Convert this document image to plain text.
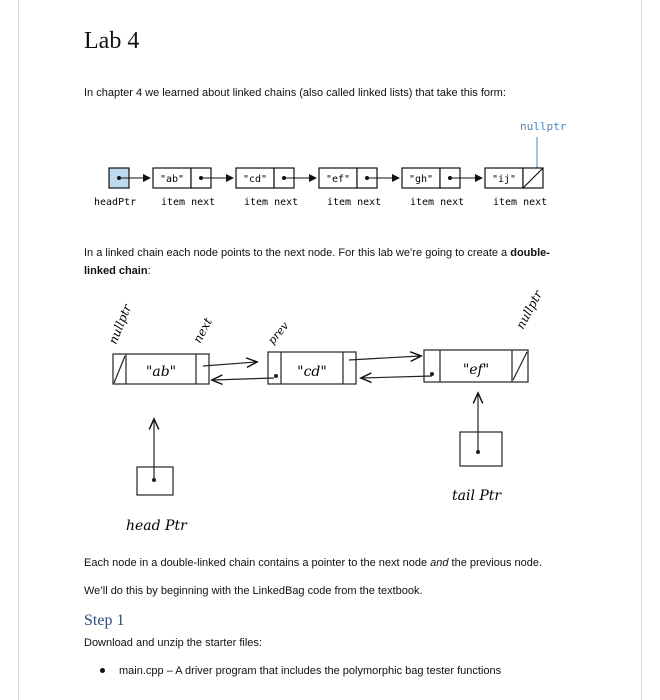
Lab 4
In chapter 4 we learned about linked chains (also called linked lists) that take this form:
nullptr
"ab"	"cd"	"ef"	"gh"	"ij"
headPtr item next	item next	item next	item next	item next
In a linked chain each node points to the next node. For this lab we’re going to create a double-
linked chain:
nullptr	next	prev
nullptr
"ab"	"cd"	"ef"
head Ptr
tail Ptr
Each node in a double-linked chain contains a pointer to the next node and the previous node.
We’ll do this by beginning with the LinkedBag code from the textbook.
Step 1
Download and unzip the starter files:
main.cpp – A driver program that includes the polymorphic bag tester functions
